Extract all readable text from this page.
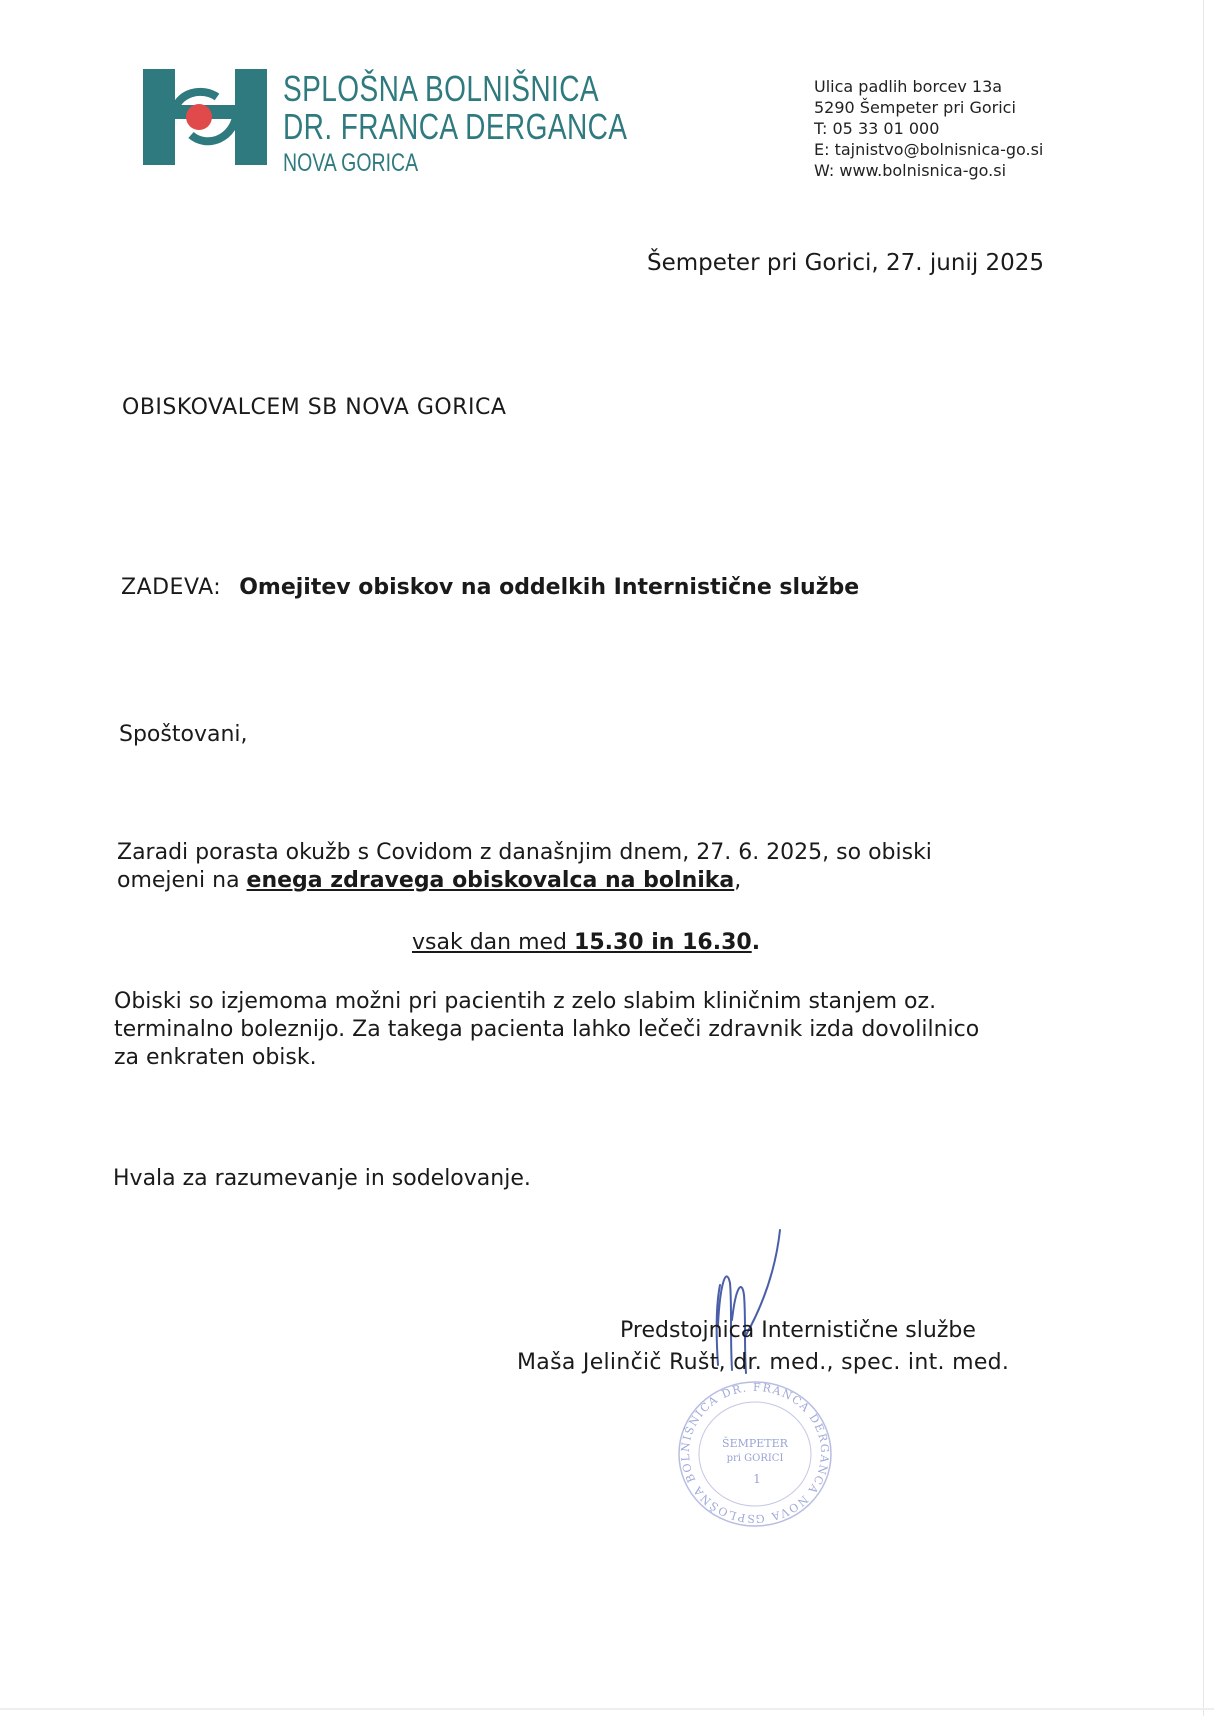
SPLOŠNA BOLNIŠNICA
DR. FRANCA DERGANCA
NOVA GORICA
Ulica padlih borcev 13a
5290 Šempeter pri Gorici
T: 05 33 01 000
E: tajnistvo@bolnisnica-go.si
W: www.bolnisnica-go.si
Šempeter pri Gorici, 27. junij 2025
OBISKOVALCEM SB NOVA GORICA
ZADEVA: Omejitev obiskov na oddelkih Internistične službe
Spoštovani,
Zaradi porasta okužb s Covidom z današnjim dnem, 27. 6. 2025, so obiski
omejeni na enega zdravega obiskovalca na bolnika,
vsak dan med 15.30 in 16.30.
Obiski so izjemoma možni pri pacientih z zelo slabim kliničnim stanjem oz.
terminalno boleznijo. Za takega pacienta lahko lečeči zdravnik izda dovolilnico
za enkraten obisk.
Hvala za razumevanje in sodelovanje.
Predstojnica Internistične službe
Maša Jelinčič Rušt, dr. med., spec. int. med.
SPLOŠNA BOLNIŠNICA DR. FRANCA DERGANCA NOVA G
ŠEMPETER
pri GORICI
1
